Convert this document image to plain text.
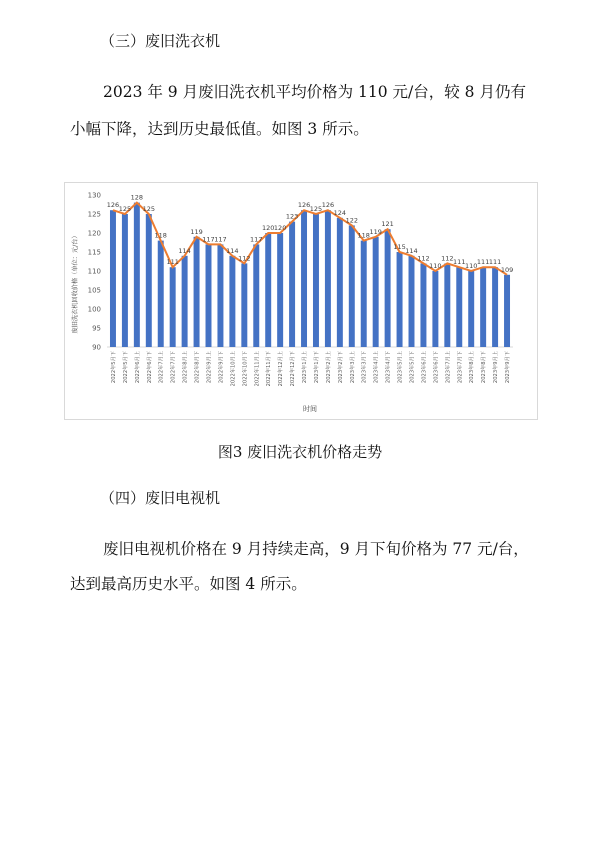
（三）废旧洗衣机
2023 年 9 月废旧洗衣机平均价格为 110 元/台，较 8 月仍有
小幅下降，达到历史最低值。如图 3 所示。
90
95
100
105
110
115
120
125
130
126 125
128
125
118
111
114
119
117 117
114
112
117
120 120
123
126 125 126
124
122
118 119
121
115 114
112
110
112 111 110 111 111
109
2022年5月下	2022年5月下	2022年6月上	2022年6月下	2022年7月上	2022年7月下	2022年8月上	2022年8月下	2022年9月上	2022年9月下	2022年10月上	2022年10月下	2022年11月上	2022年11月下	2022年12月上	2022年12月下	2023年1月上	2023年1月下	2023年2月上	2023年2月下	2023年3月上	2023年3月下	2023年4月上	2023年4月下	2023年5月上	2023年5月下	2023年6月上	2023年6月下	2023年7月上	2023年7月下	2023年8月上	2023年8月下	2023年9月上	2023年9月下
废旧洗衣机回收价格（单位：元/台）
时间
图3 废旧洗衣机价格走势
（四）废旧电视机
废旧电视机价格在 9 月持续走高，9 月下旬价格为 77 元/台，
达到最高历史水平。如图 4 所示。
